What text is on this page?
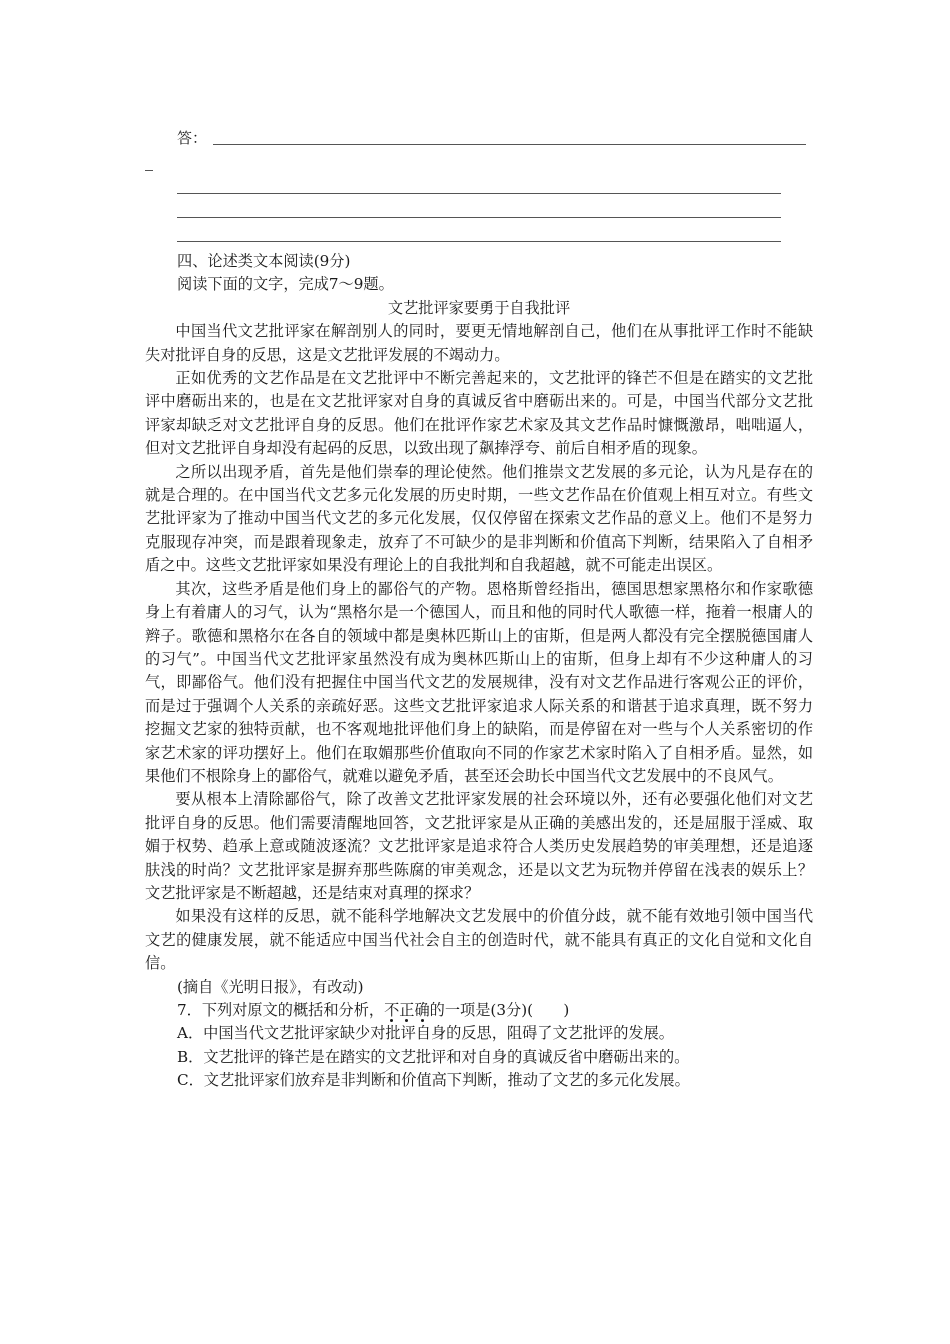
答：

四、论述类文本阅读(9分)

阅读下面的文字，完成7～9题。

文艺批评家要勇于自我批评

中国当代文艺批评家在解剖别人的同时，要更无情地解剖自己，他们在从事批评工作时不能缺失对批评自身的反思，这是文艺批评发展的不竭动力。

正如优秀的文艺作品是在文艺批评中不断完善起来的，文艺批评的锋芒不但是在踏实的文艺批评中磨砺出来的，也是在文艺批评家对自身的真诚反省中磨砺出来的。可是，中国当代部分文艺批评家却缺乏对文艺批评自身的反思。他们在批评作家艺术家及其文艺作品时慷慨激昂，咄咄逼人，但对文艺批评自身却没有起码的反思，以致出现了飙捧浮夸、前后自相矛盾的现象。

之所以出现矛盾，首先是他们崇奉的理论使然。他们推崇文艺发展的多元论，认为凡是存在的就是合理的。在中国当代文艺多元化发展的历史时期，一些文艺作品在价值观上相互对立。有些文艺批评家为了推动中国当代文艺的多元化发展，仅仅停留在探索文艺作品的意义上。他们不是努力克服现存冲突，而是跟着现象走，放弃了不可缺少的是非判断和价值高下判断，结果陷入了自相矛盾之中。这些文艺批评家如果没有理论上的自我批判和自我超越，就不可能走出误区。

其次，这些矛盾是他们身上的鄙俗气的产物。恩格斯曾经指出，德国思想家黑格尔和作家歌德身上有着庸人的习气，认为“黑格尔是一个德国人，而且和他的同时代人歌德一样，拖着一根庸人的辫子。歌德和黑格尔在各自的领域中都是奥林匹斯山上的宙斯，但是两人都没有完全摆脱德国庸人的习气”。中国当代文艺批评家虽然没有成为奥林匹斯山上的宙斯，但身上却有不少这种庸人的习气，即鄙俗气。他们没有把握住中国当代文艺的发展规律，没有对文艺作品进行客观公正的评价，而是过于强调个人关系的亲疏好恶。这些文艺批评家追求人际关系的和谐甚于追求真理，既不努力挖掘文艺家的独特贡献，也不客观地批评他们身上的缺陷，而是停留在对一些与个人关系密切的作家艺术家的评功摆好上。他们在取媚那些价值取向不同的作家艺术家时陷入了自相矛盾。显然，如果他们不根除身上的鄙俗气，就难以避免矛盾，甚至还会助长中国当代文艺发展中的不良风气。

要从根本上清除鄙俗气，除了改善文艺批评家发展的社会环境以外，还有必要强化他们对文艺批评自身的反思。他们需要清醒地回答，文艺批评家是从正确的美感出发的，还是屈服于淫威、取媚于权势、趋承上意或随波逐流？文艺批评家是追求符合人类历史发展趋势的审美理想，还是追逐肤浅的时尚？文艺批评家是摒弃那些陈腐的审美观念，还是以文艺为玩物并停留在浅表的娱乐上？文艺批评家是不断超越，还是结束对真理的探求？

如果没有这样的反思，就不能科学地解决文艺发展中的价值分歧，就不能有效地引领中国当代文艺的健康发展，就不能适应中国当代社会自主的创造时代，就不能具有真正的文化自觉和文化自信。

(摘自《光明日报》，有改动)

7．下列对原文的概括和分析，不正确的一项是(3分)(　　)

A．中国当代文艺批评家缺少对批评自身的反思，阻碍了文艺批评的发展。

B．文艺批评的锋芒是在踏实的文艺批评和对自身的真诚反省中磨砺出来的。

C．文艺批评家们放弃是非判断和价值高下判断，推动了文艺的多元化发展。
